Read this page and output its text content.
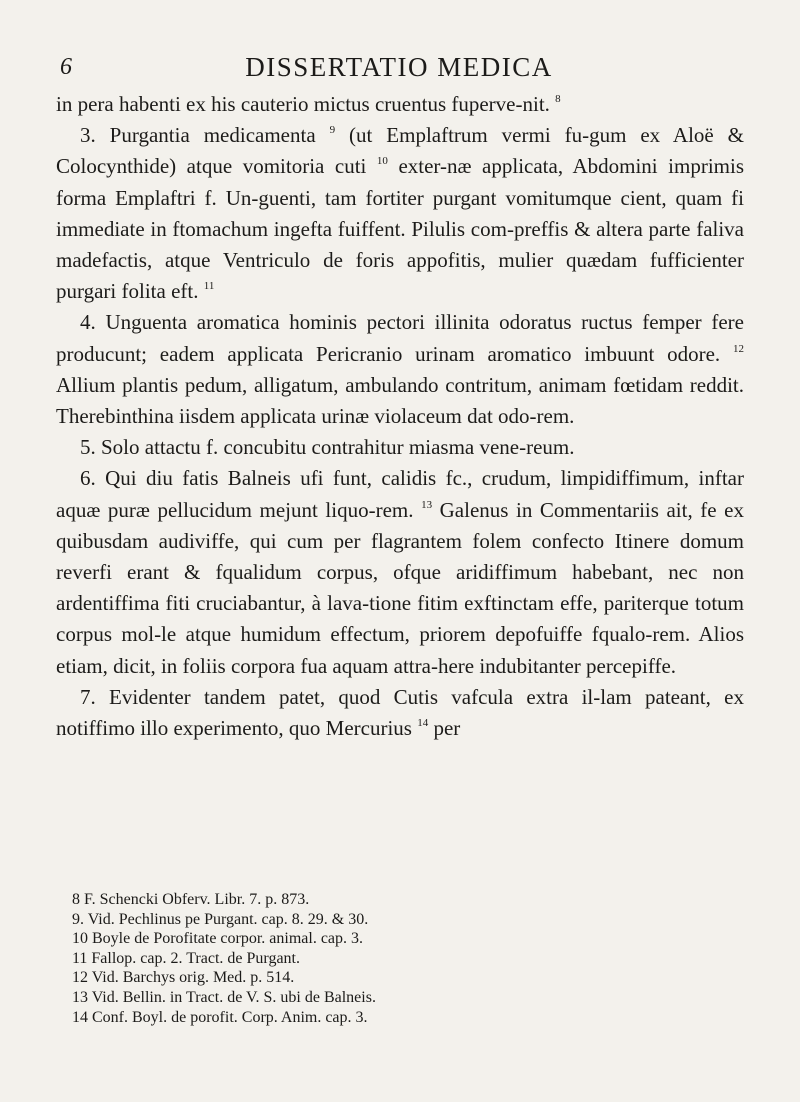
6	DISSERTATIO MEDICA

in pera habenti ex his cauterio mictus cruentus fuperve-nit. $^8$

3. Purgantia medicamenta $^9$ (ut Emplaftrum vermi fu-gum ex Aloë & Colocynthide) atque vomitoria cuti $^{10}$ exter-næ applicata, Abdomini imprimis forma Emplaftri f. Un-guenti, tam fortiter purgant vomitumque cient, quam fi immediate in ftomachum ingefta fuiffent. Pilulis com-preffis & altera parte faliva madefactis, atque Ventriculo de foris appofitis, mulier quædam fufficienter purgari folita eft. $^{11}$

4. Unguenta aromatica hominis pectori illinita odoratus ructus femper fere producunt; eadem applicata Pericranio urinam aromatico imbuunt odore. $^{12}$ Allium plantis pedum, alligatum, ambulando contritum, animam fœtidam reddit. Therebinthina iisdem applicata urinæ violaceum dat odo-rem.

5. Solo attactu f. concubitu contrahitur miasma vene-reum.

6. Qui diu fatis Balneis ufi funt, calidis fc., crudum, limpidiffimum, inftar aquæ puræ pellucidum mejunt liquo-rem. $^{13}$ Galenus in Commentariis ait, fe ex quibusdam audiviffe, qui cum per flagrantem folem confecto Itinere domum reverfi erant & fqualidum corpus, ofque aridiffimum habebant, nec non ardentiffima fiti cruciabantur, à lava-tione fitim exftinctam effe, pariterque totum corpus mol-le atque humidum effectum, priorem depofuiffe fqualo-rem. Alios etiam, dicit, in foliis corpora fua aquam attra-here indubitanter percepiffe.

7. Evidenter tandem patet, quod Cutis vafcula extra il-lam pateant, ex notiffimo illo experimento, quo Mercurius $^{14}$ per

8 F. Schencki Obferv. Libr. 7. p. 873.
9. Vid. Pechlinus pe Purgant. cap. 8. 29. & 30.
10 Boyle de Porofitate corpor. animal. cap. 3.
11 Fallop. cap. 2. Tract. de Purgant.
12 Vid. Barchys orig. Med. p. 514.
13 Vid. Bellin. in Tract. de V. S. ubi de Balneis.
14 Conf. Boyl. de porofit. Corp. Anim. cap. 3.
